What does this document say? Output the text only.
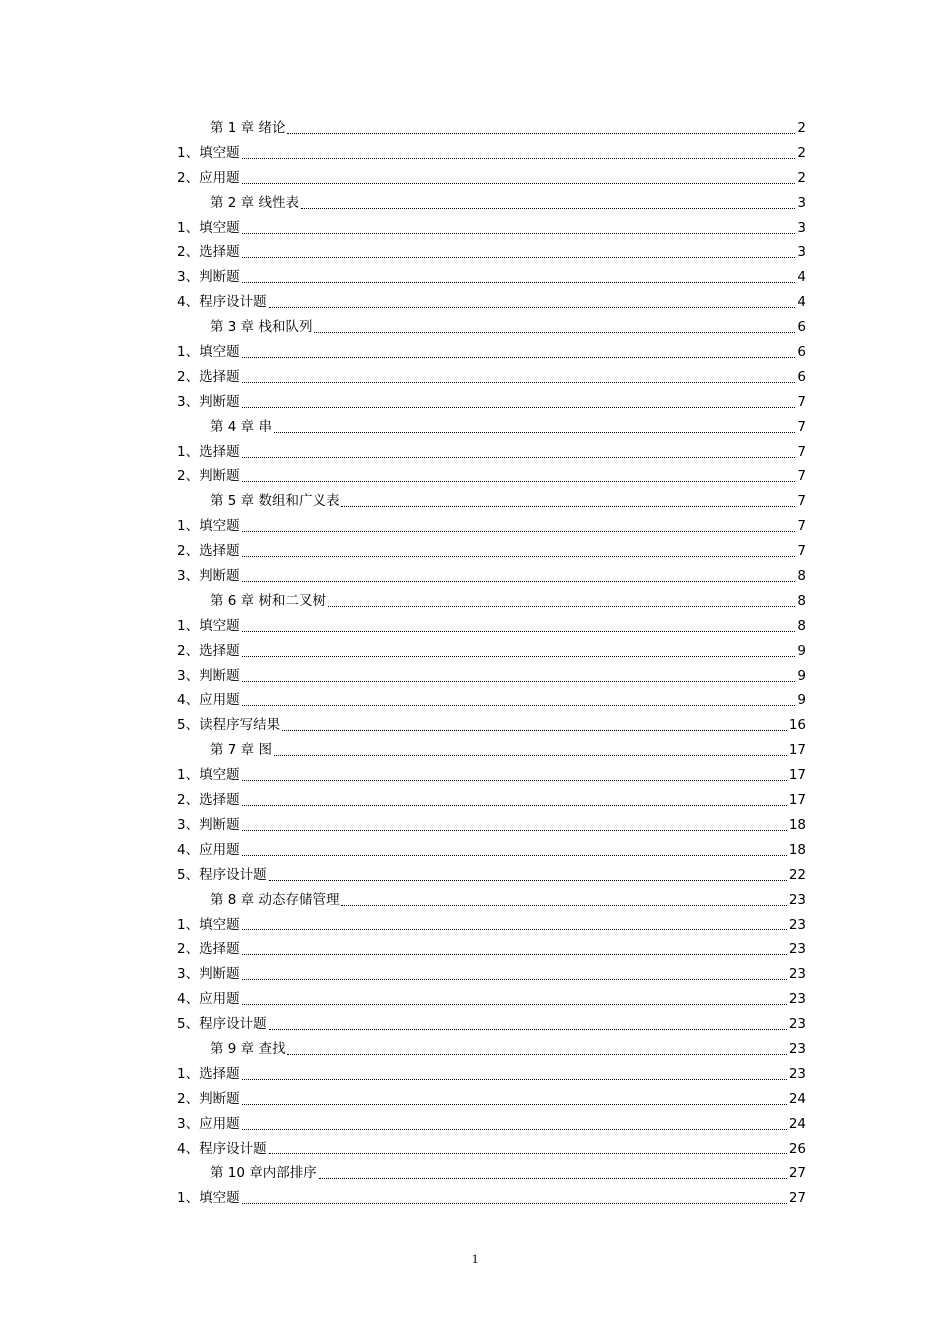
第 1 章 绪论	2
1、填空题	2
2、应用题	2
第 2 章 线性表	3
1、填空题	3
2、选择题	3
3、判断题	4
4、程序设计题	4
第 3 章 栈和队列	6
1、填空题	6
2、选择题	6
3、判断题	7
第 4 章 串	7
1、选择题	7
2、判断题	7
第 5 章 数组和广义表	7
1、填空题	7
2、选择题	7
3、判断题	8
第 6 章 树和二叉树	8
1、填空题	8
2、选择题	9
3、判断题	9
4、应用题	9
5、读程序写结果	16
第 7 章 图	17
1、填空题	17
2、选择题	17
3、判断题	18
4、应用题	18
5、程序设计题	22
第 8 章 动态存储管理	23
1、填空题	23
2、选择题	23
3、判断题	23
4、应用题	23
5、程序设计题	23
第 9 章 查找	23
1、选择题	23
2、判断题	24
3、应用题	24
4、程序设计题	26
第 10 章内部排序	27
1、填空题	27
1
